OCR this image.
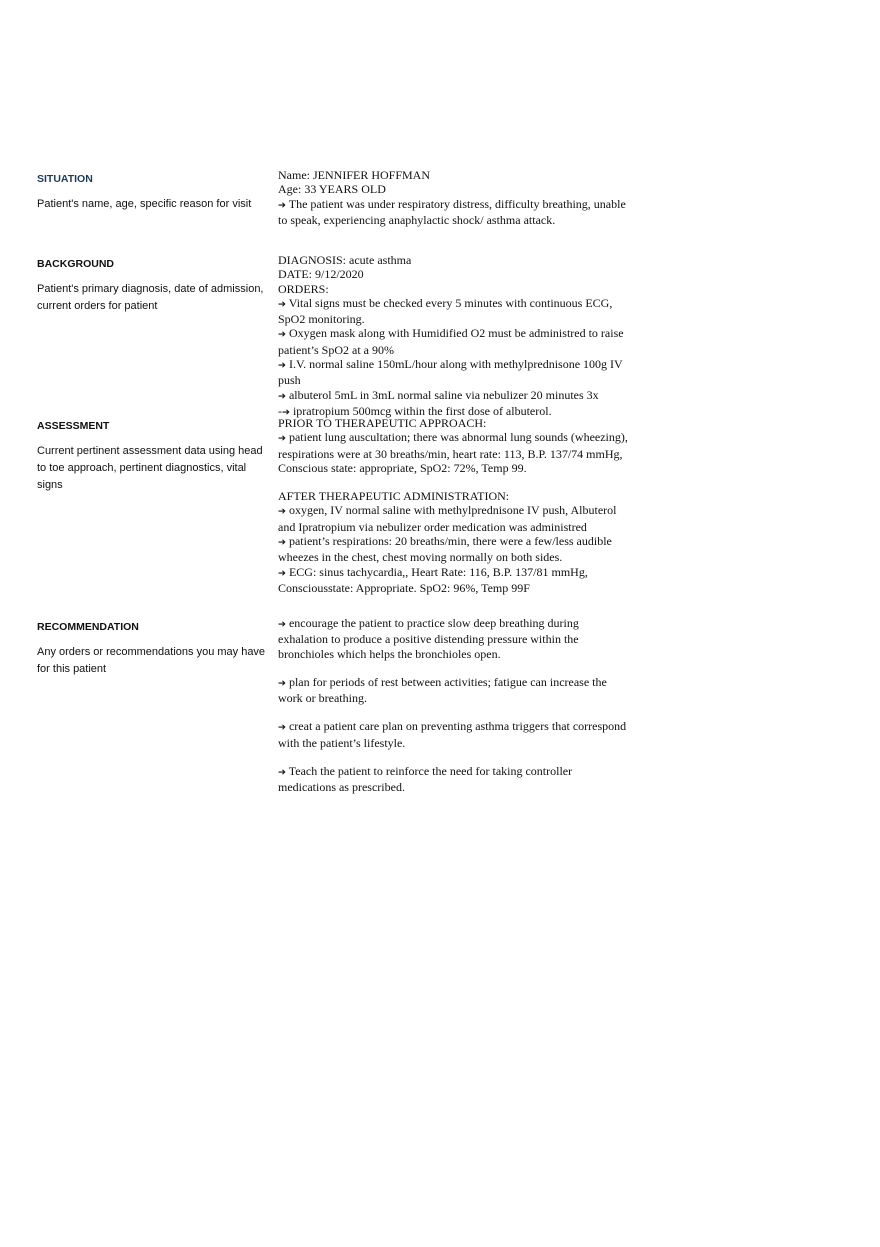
SITUATION

Patient's name, age, specific reason for visit

Name: JENNIFER HOFFMAN

Age: 33 YEARS OLD

➔ The patient was under respiratory distress, difficulty breathing, unable to speak, experiencing anaphylactic shock/ asthma attack.

BACKGROUND

Patient's primary diagnosis, date of admission, current orders for patient

DIAGNOSIS: acute asthma

DATE: 9/12/2020

ORDERS:

➔ Vital signs must be checked every 5 minutes with continuous ECG, SpO2 monitoring.

➔ Oxygen mask along with Humidified O2 must be administred to raise patient’s SpO2 at a 90%

➔ I.V. normal saline 150mL/hour along with methylprednisone 100g IV push

➔ albuterol 5mL in 3mL normal saline via nebulizer 20 minutes 3x

-➔ ipratropium 500mcg within the first dose of albuterol.

ASSESSMENT

Current pertinent assessment data using head to toe approach, pertinent diagnostics, vital signs

PRIOR TO THERAPEUTIC APPROACH:

➔ patient lung auscultation; there was abnormal lung sounds (wheezing), respirations were at 30 breaths/min, heart rate: 113, B.P. 137/74 mmHg, Conscious state: appropriate, SpO2: 72%, Temp 99.

AFTER THERAPEUTIC ADMINISTRATION:

➔ oxygen, IV normal saline with methylprednisone IV push, Albuterol and Ipratropium via nebulizer order medication was administred

➔ patient’s respirations: 20 breaths/min, there were a few/less audible wheezes in the chest, chest moving normally on both sides.

➔ ECG: sinus tachycardia,, Heart Rate: 116, B.P. 137/81 mmHg, Consciousstate: Appropriate. SpO2: 96%, Temp 99F

RECOMMENDATION

Any orders or recommendations you may have for this patient

➔ encourage the patient to practice slow deep breathing during exhalation to produce a positive distending pressure within the bronchioles which helps the bronchioles open.

➔ plan for periods of rest between activities; fatigue can increase the work or breathing.

➔ creat a patient care plan on preventing asthma triggers that correspond with the patient’s lifestyle.

➔ Teach the patient to reinforce the need for taking controller medications as prescribed.
